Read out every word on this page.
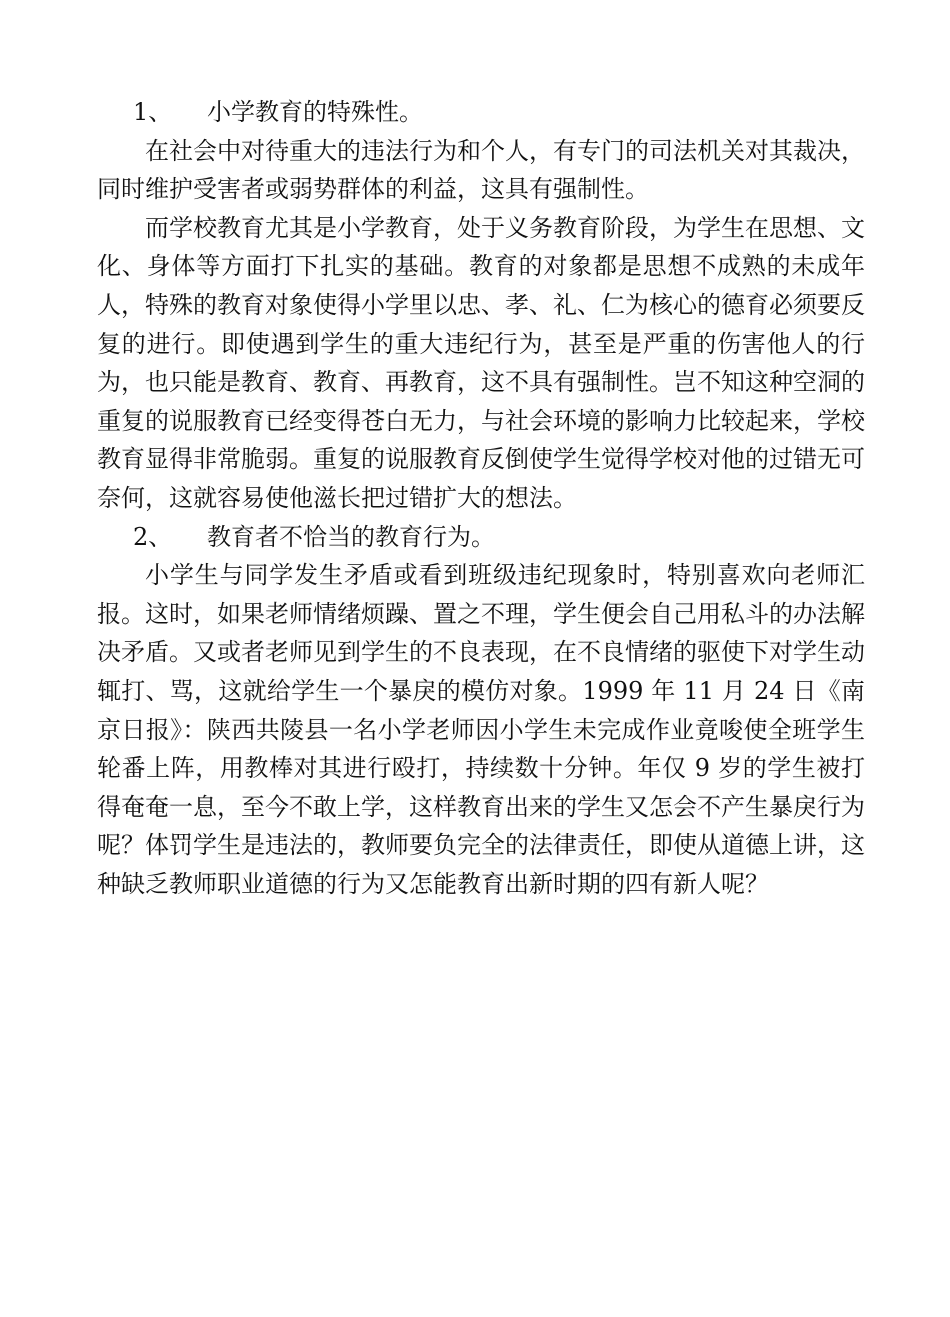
1、 小学教育的特殊性。

在社会中对待重大的违法行为和个人，有专门的司法机关对其裁决，同时维护受害者或弱势群体的利益，这具有强制性。

而学校教育尤其是小学教育，处于义务教育阶段，为学生在思想、文化、身体等方面打下扎实的基础。教育的对象都是思想不成熟的未成年人，特殊的教育对象使得小学里以忠、孝、礼、仁为核心的德育必须要反复的进行。即使遇到学生的重大违纪行为，甚至是严重的伤害他人的行为，也只能是教育、教育、再教育，这不具有强制性。岂不知这种空洞的重复的说服教育已经变得苍白无力，与社会环境的影响力比较起来，学校教育显得非常脆弱。重复的说服教育反倒使学生觉得学校对他的过错无可奈何，这就容易使他滋长把过错扩大的想法。

2、 教育者不恰当的教育行为。

小学生与同学发生矛盾或看到班级违纪现象时，特别喜欢向老师汇报。这时，如果老师情绪烦躁、置之不理，学生便会自己用私斗的办法解决矛盾。又或者老师见到学生的不良表现，在不良情绪的驱使下对学生动辄打、骂，这就给学生一个暴戾的模仿对象。1999 年 11 月 24 日《南京日报》：陕西共陵县一名小学老师因小学生未完成作业竟唆使全班学生轮番上阵，用教棒对其进行殴打，持续数十分钟。年仅 9 岁的学生被打得奄奄一息，至今不敢上学，这样教育出来的学生又怎会不产生暴戾行为呢？体罚学生是违法的，教师要负完全的法律责任，即使从道德上讲，这种缺乏教师职业道德的行为又怎能教育出新时期的四有新人呢？
